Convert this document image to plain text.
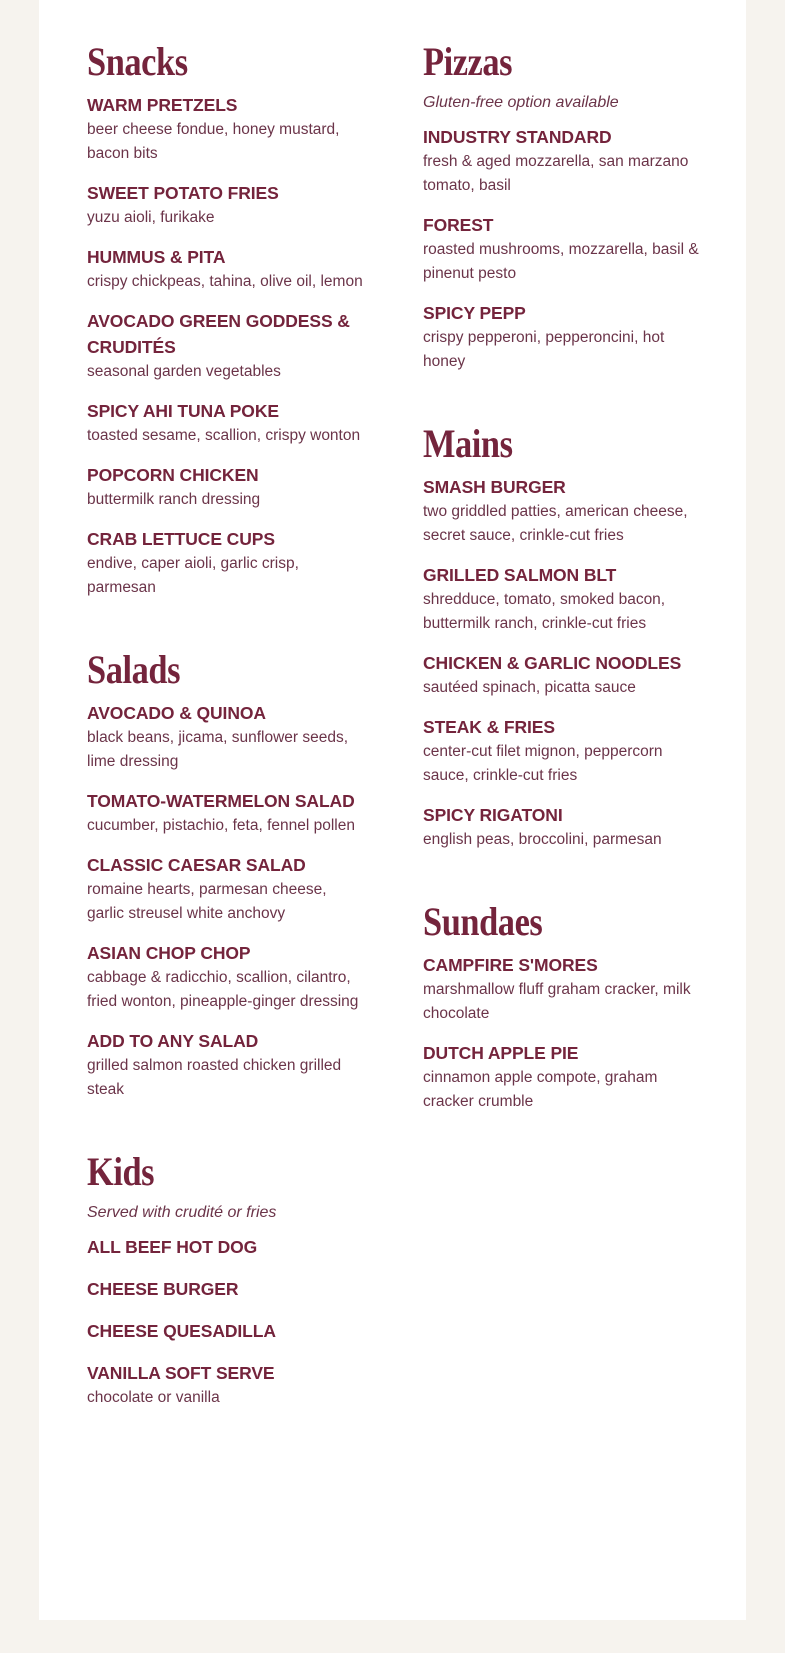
Snacks
WARM PRETZELS
beer cheese fondue, honey mustard, bacon bits
SWEET POTATO FRIES
yuzu aioli, furikake
HUMMUS & PITA
crispy chickpeas, tahina, olive oil, lemon
AVOCADO GREEN GODDESS & CRUDITÉS
seasonal garden vegetables
SPICY AHI TUNA POKE
toasted sesame, scallion, crispy wonton
POPCORN CHICKEN
buttermilk ranch dressing
CRAB LETTUCE CUPS
endive, caper aioli, garlic crisp, parmesan
Salads
AVOCADO & QUINOA
black beans, jicama, sunflower seeds, lime dressing
TOMATO-WATERMELON SALAD
cucumber, pistachio, feta, fennel pollen
CLASSIC CAESAR SALAD
romaine hearts, parmesan cheese, garlic streusel white anchovy
ASIAN CHOP CHOP
cabbage & radicchio, scallion, cilantro, fried wonton, pineapple-ginger dressing
ADD TO ANY SALAD
grilled salmon roasted chicken grilled steak
Kids
Served with crudité or fries
ALL BEEF HOT DOG
CHEESE BURGER
CHEESE QUESADILLA
VANILLA SOFT SERVE
chocolate or vanilla
Pizzas
Gluten-free option available
INDUSTRY STANDARD
fresh & aged mozzarella, san marzano tomato, basil
FOREST
roasted mushrooms, mozzarella, basil & pinenut pesto
SPICY PEPP
crispy pepperoni, pepperoncini, hot honey
Mains
SMASH BURGER
two griddled patties, american cheese, secret sauce, crinkle-cut fries
GRILLED SALMON BLT
shredduce, tomato, smoked bacon, buttermilk ranch, crinkle-cut fries
CHICKEN & GARLIC NOODLES
sautéed spinach, picatta sauce
STEAK & FRIES
center-cut filet mignon, peppercorn sauce, crinkle-cut fries
SPICY RIGATONI
english peas, broccolini, parmesan
Sundaes
CAMPFIRE S'MORES
marshmallow fluff graham cracker, milk chocolate
DUTCH APPLE PIE
cinnamon apple compote, graham cracker crumble
